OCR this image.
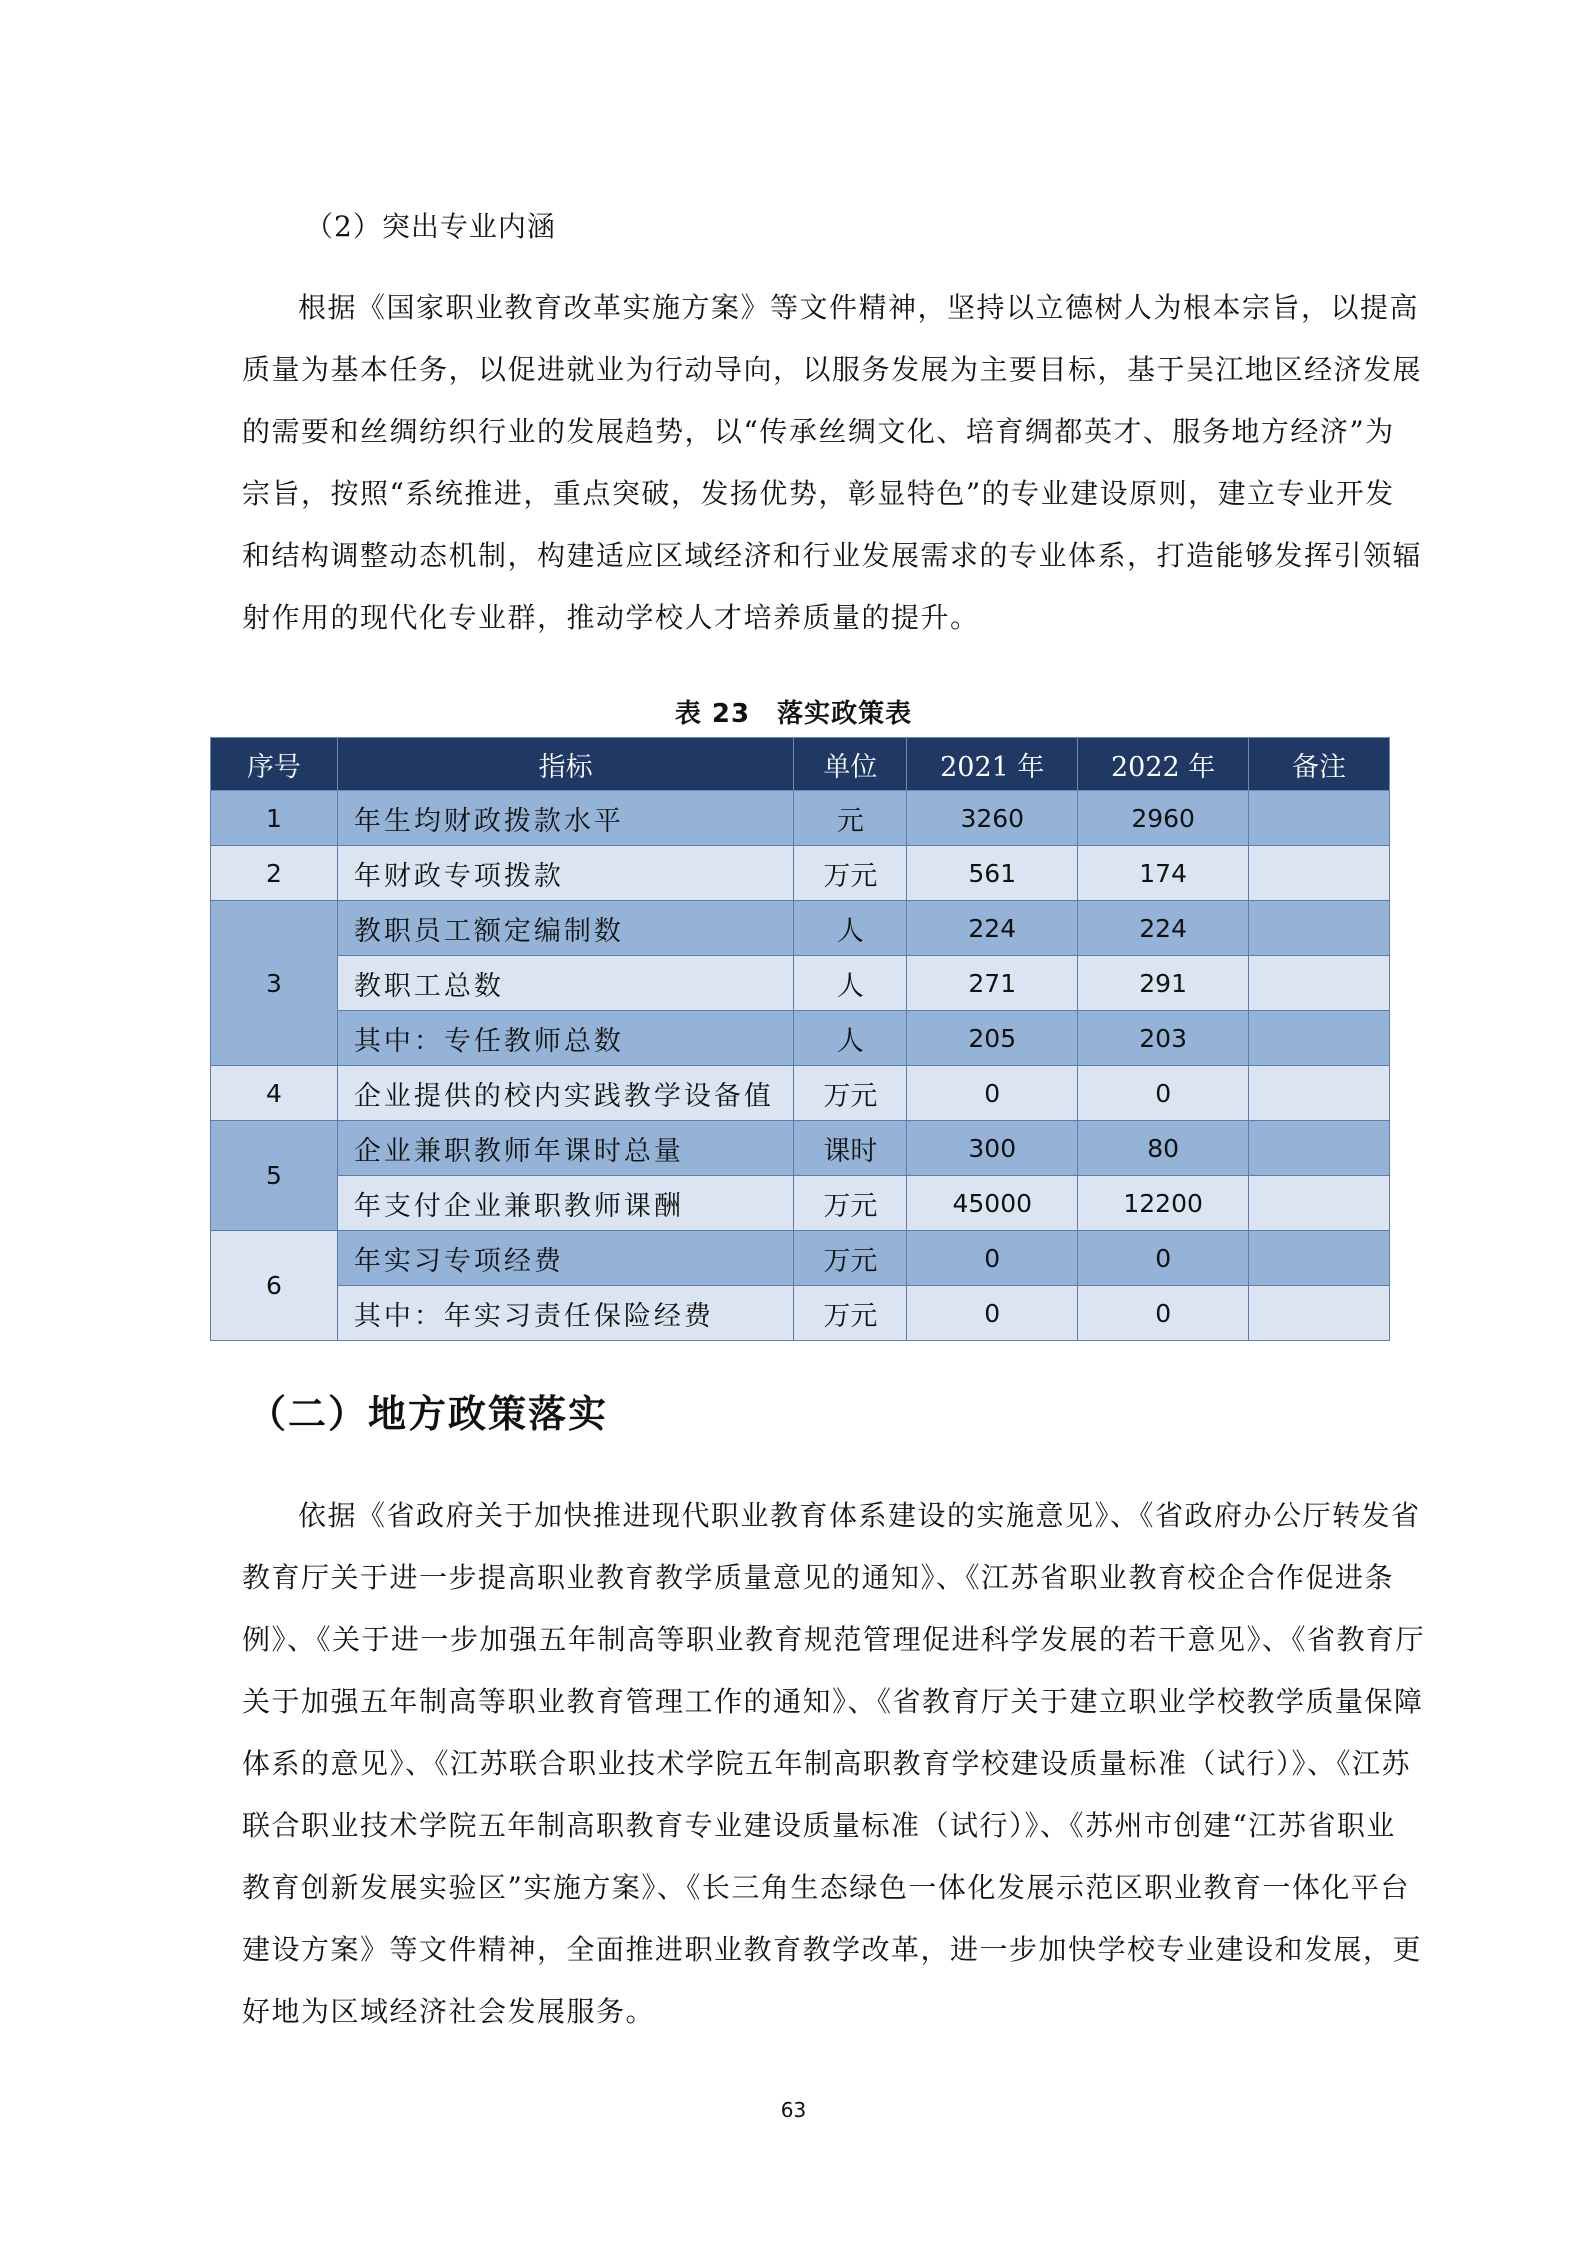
（2）突出专业内涵

根据《国家职业教育改革实施方案》等文件精神，坚持以立德树人为根本宗旨，以提高
质量为基本任务，以促进就业为行动导向，以服务发展为主要目标，基于吴江地区经济发展
的需要和丝绸纺织行业的发展趋势，以“传承丝绸文化、培育绸都英才、服务地方经济”为
宗旨，按照“系统推进，重点突破，发扬优势，彰显特色”的专业建设原则，建立专业开发
和结构调整动态机制，构建适应区域经济和行业发展需求的专业体系，打造能够发挥引领辐
射作用的现代化专业群，推动学校人才培养质量的提升。

表 23　落实政策表
序号	指标	单位	2021 年	2022 年	备注
1	年生均财政拨款水平	元	3260	2960	
2	年财政专项拨款	万元	561	174	
3	教职员工额定编制数	人	224	224	
	教职工总数	人	271	291	
	其中：专任教师总数	人	205	203	
4	企业提供的校内实践教学设备值	万元	0	0	
5	企业兼职教师年课时总量	课时	300	80	
	年支付企业兼职教师课酬	万元	45000	12200	
6	年实习专项经费	万元	0	0	
	其中：年实习责任保险经费	万元	0	0	
（二）地方政策落实

依据《省政府关于加快推进现代职业教育体系建设的实施意见》、《省政府办公厅转发省
教育厅关于进一步提高职业教育教学质量意见的通知》、《江苏省职业教育校企合作促进条
例》、《关于进一步加强五年制高等职业教育规范管理促进科学发展的若干意见》、《省教育厅
关于加强五年制高等职业教育管理工作的通知》、《省教育厅关于建立职业学校教学质量保障
体系的意见》、《江苏联合职业技术学院五年制高职教育学校建设质量标准（试行）》、《江苏
联合职业技术学院五年制高职教育专业建设质量标准（试行）》、《苏州市创建“江苏省职业
教育创新发展实验区”实施方案》、《长三角生态绿色一体化发展示范区职业教育一体化平台
建设方案》等文件精神，全面推进职业教育教学改革，进一步加快学校专业建设和发展，更
好地为区域经济社会发展服务。

63
